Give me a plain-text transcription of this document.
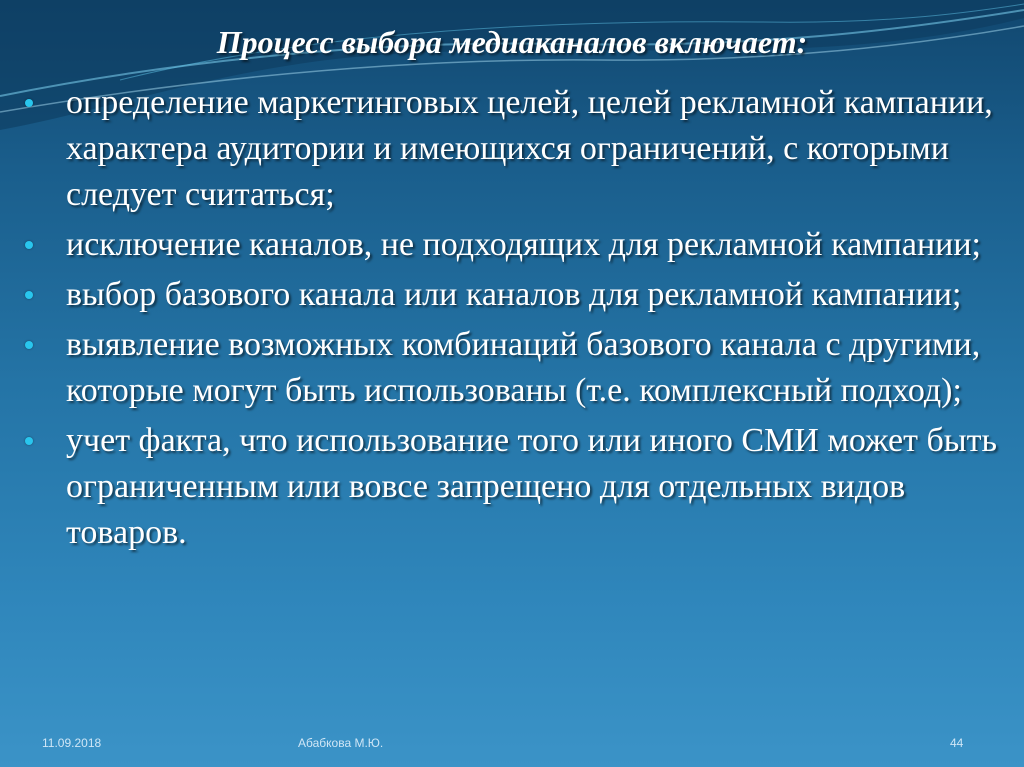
Процесс выбора медиаканалов включает:
определение маркетинговых целей, целей рекламной кампании, характера аудитории и имеющихся ограничений, с которыми следует считаться;
исключение каналов, не подходящих для рекламной кампании;
выбор базового канала или каналов для рекламной кампании;
выявление возможных комбинаций базового канала с другими, которые могут быть использованы (т.е. комплексный подход);
учет факта, что использование того или иного СМИ может быть ограниченным или вовсе запрещено для отдельных видов товаров.
11.09.2018	Абабкова М.Ю.	44
